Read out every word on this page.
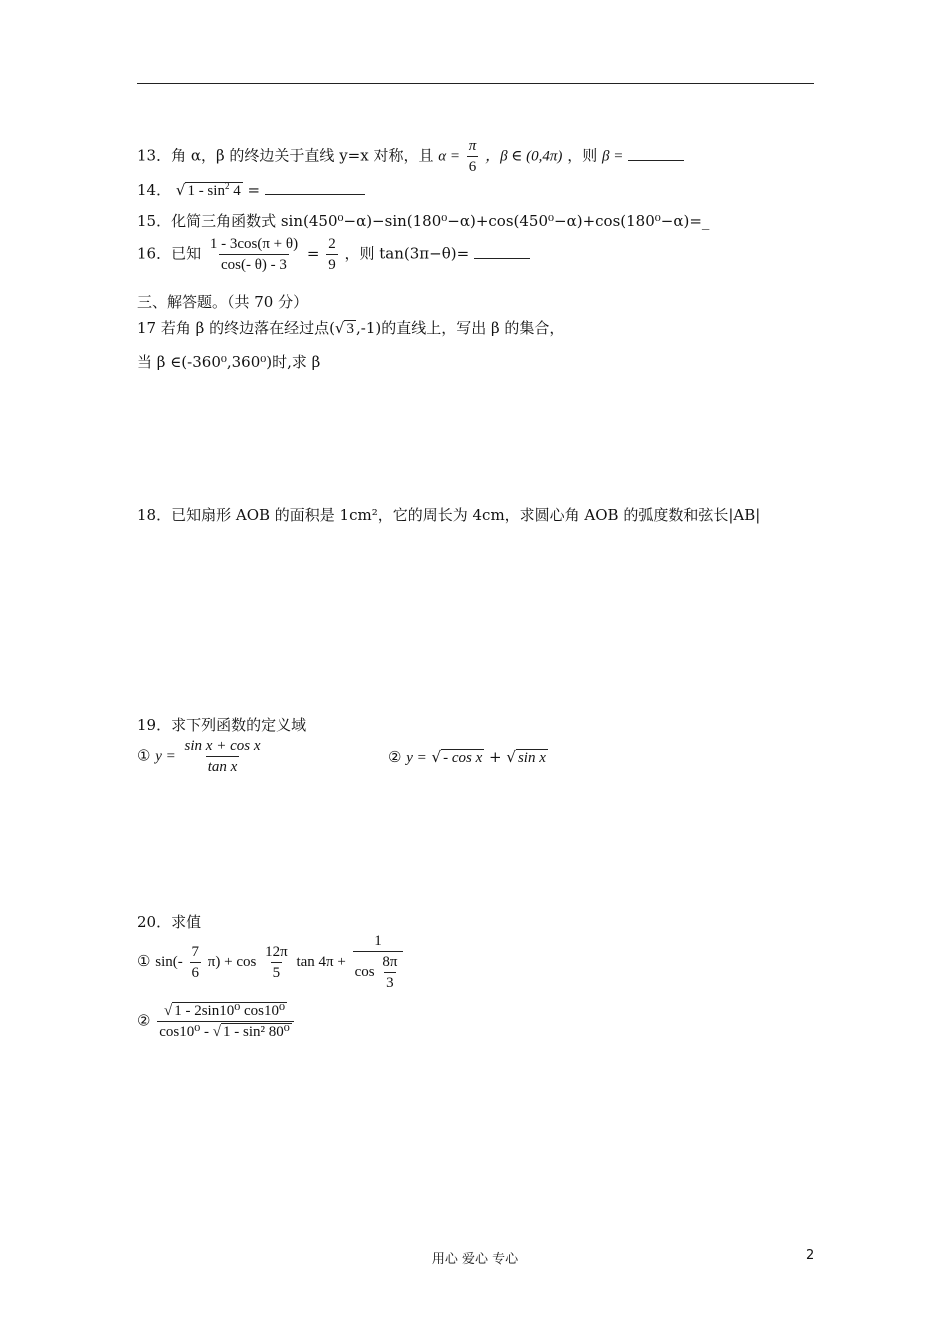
13．角 α，β 的终边关于直线 y=x 对称，且 $\alpha = \frac{\pi}{6}$ ，β ∈ (0,4π) ，则 β =
14． √ $1 - \sin^2 4$ =
15．化简三角函数式 sin(450⁰−α)−sin(180⁰−α)+cos(450⁰−α)+cos(180⁰−α)=_
16．已知 $\frac{1 - 3\cos(\pi + \theta)}{\cos(- \theta) - 3} = \frac{2}{9}$ ，则 tan(3π−θ)=
三、解答题。（共 70 分）
17 若角 β 的终边落在经过点(√ 3 ,-1)的直线上，写出 β 的集合，
当 β ∈(-360⁰,360⁰)时,求 β
18．已知扇形 AOB 的面积是 1cm²，它的周长为 4cm，求圆心角 AOB 的弧度数和弦长|AB|
19．求下列函数的定义域
① $y = \frac{\text{sin x + cos x}}{\text{tan x}}$	② y = √ - cos x + √ sin x
20．求值
① $\sin(- \frac{7}{6} \pi) + \cos \frac{12\pi}{5}$ $\tan 4\pi + \frac{1}{\cos \frac{8\pi}{3}}$
② $\frac{\text{√ 1 - 2sin10⁰ cos10⁰}}{\text{cos10⁰ - √ 1 - sin² 80⁰}}$
用心 爱心 专心	2
